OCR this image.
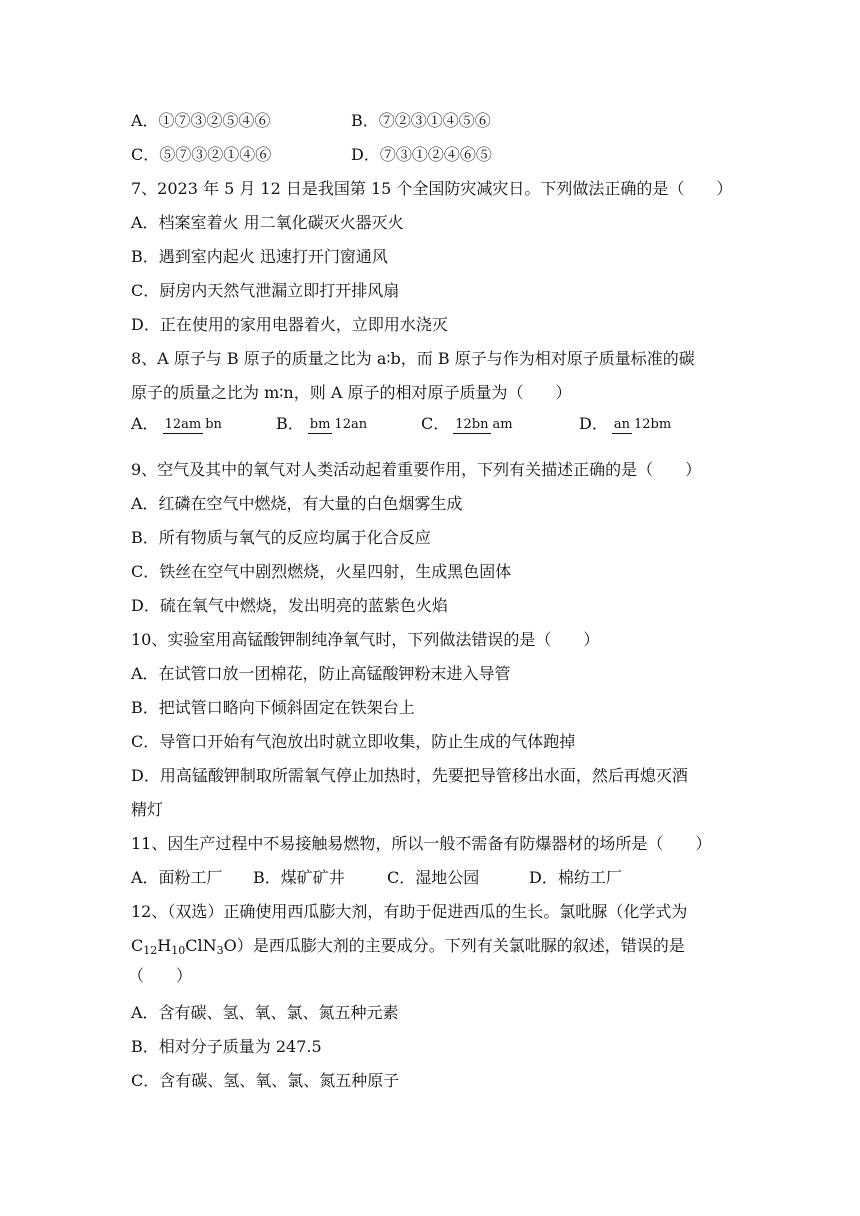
A．①⑦③②⑤④⑥	B．⑦②③①④⑤⑥
C．⑤⑦③②①④⑥	D．⑦③①②④⑥⑤
7、2023 年 5 月 12 日是我国第 15 个全国防灾减灾日。下列做法正确的是（　　）
A．档案室着火 用二氧化碳灭火器灭火
B．遇到室内起火 迅速打开门窗通风
C．厨房内天然气泄漏立即打开排风扇
D．正在使用的家用电器着火，立即用水浇灭
8、A 原子与 B 原子的质量之比为 a∶b，而 B 原子与作为相对原子质量标准的碳
原子的质量之比为 m∶n，则 A 原子的相对原子质量为（　　）
A． 12am bn	B． bm 12an	C． 12bn am	D． an 12bm
9、空气及其中的氧气对人类活动起着重要作用，下列有关描述正确的是（　　）
A．红磷在空气中燃烧，有大量的白色烟雾生成
B．所有物质与氧气的反应均属于化合反应
C．铁丝在空气中剧烈燃烧，火星四射，生成黑色固体
D．硫在氧气中燃烧，发出明亮的蓝紫色火焰
10、实验室用高锰酸钾制纯净氧气时，下列做法错误的是（　　）
A．在试管口放一团棉花，防止高锰酸钾粉末进入导管
B．把试管口略向下倾斜固定在铁架台上
C．导管口开始有气泡放出时就立即收集，防止生成的气体跑掉
D．用高锰酸钾制取所需氧气停止加热时，先要把导管移出水面，然后再熄灭酒
精灯
11、因生产过程中不易接触易燃物，所以一般不需备有防爆器材的场所是（　　）
A．面粉工厂 B．煤矿矿井	C．湿地公园	D．棉纺工厂
12、（双选）正确使用西瓜膨大剂，有助于促进西瓜的生长。氯吡脲（化学式为
$C_{12}H_{10}ClN_3O$）是西瓜膨大剂的主要成分。下列有关氯吡脲的叙述，错误的是
（　　）
A．含有碳、氢、氧、氯、氮五种元素
B．相对分子质量为 247.5
C．含有碳、氢、氧、氯、氮五种原子
